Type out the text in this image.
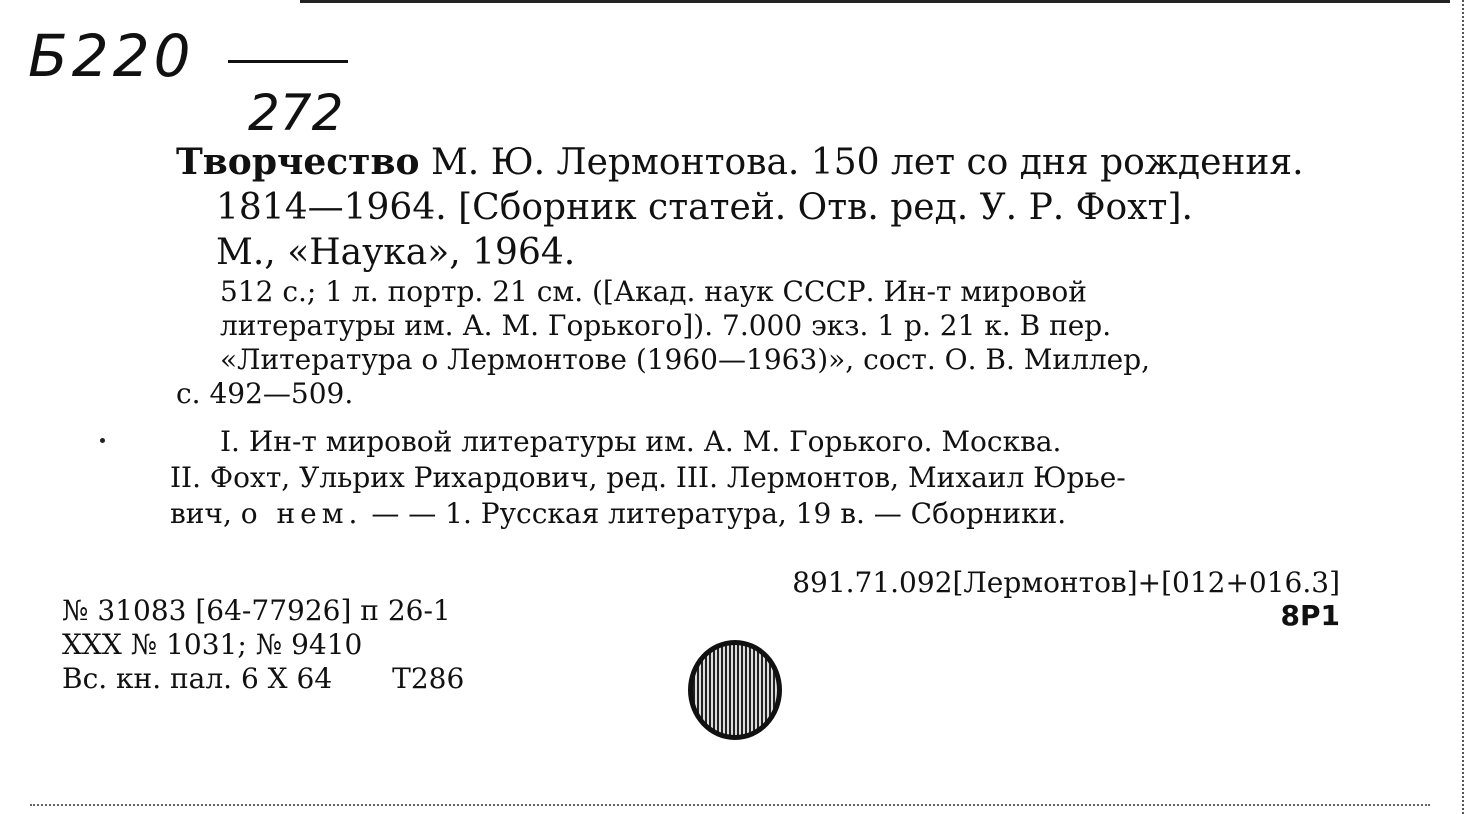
Б220
272
Творчество М. Ю. Лермонтова. 150 лет со дня рождения.
1814—1964. [Сборник статей. Отв. ред. У. Р. Фохт].
М., «Наука», 1964.
512 с.; 1 л. портр. 21 см. ([Акад. наук СССР. Ин-т мировой
литературы им. А. М. Горького]). 7.000 экз. 1 р. 21 к. В пер.
«Литература о Лермонтове (1960—1963)», сост. О. В. Миллер,
с. 492—509.
I. Ин-т мировой литературы им. А. М. Горького. Москва.
II. Фохт, Ульрих Рихардович, ред. III. Лермонтов, Михаил Юрье-
вич, о нем. — — 1. Русская литература, 19 в. — Сборники.
891.71.092[Лермонтов]+[012+016.3]
8Р1
№ 31083 [64-77926] п 26-1
XXX № 1031; № 9410
Вс. кн. пал. 6 X 64 T286
